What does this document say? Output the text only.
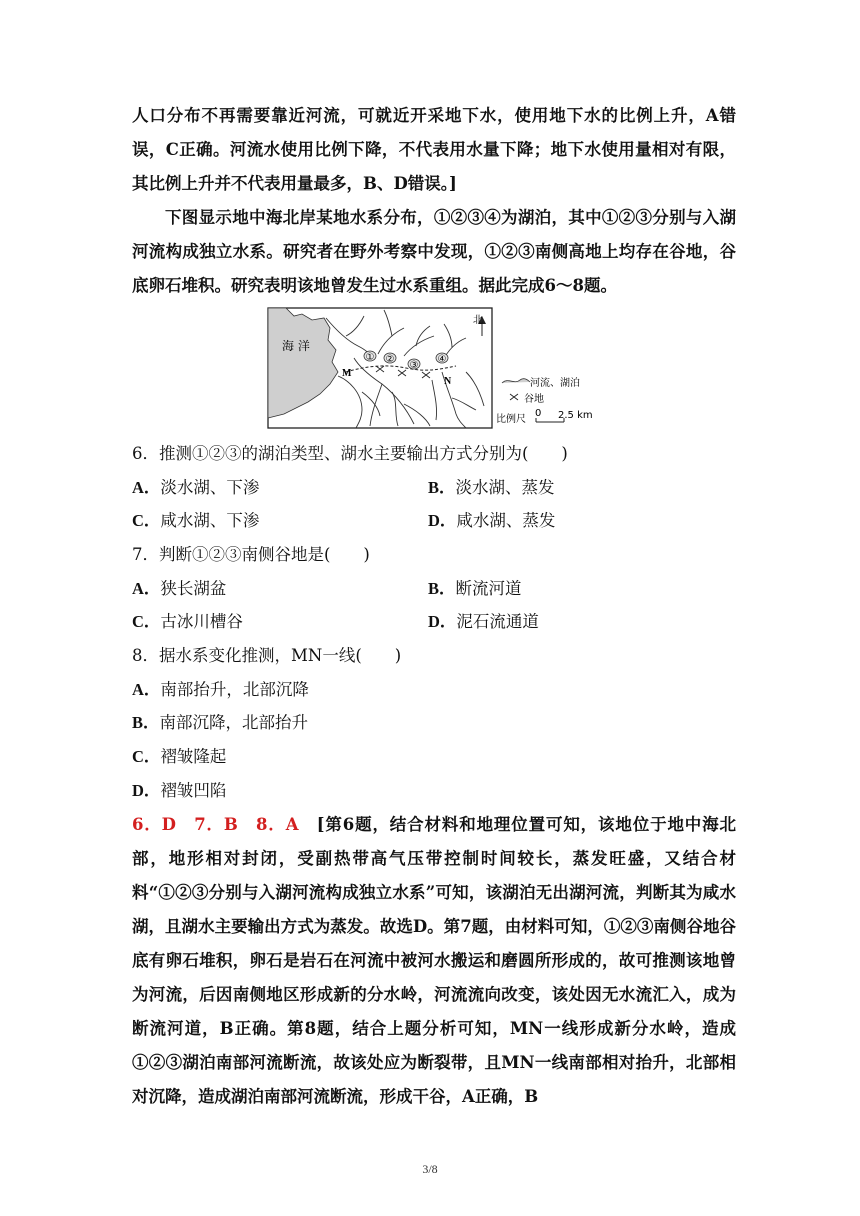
人口分布不再需要靠近河流，可就近开采地下水，使用地下水的比例上升，A错误，C正确。河流水使用比例下降，不代表用水量下降；地下水使用量相对有限，其比例上升并不代表用量最多，B、D错误。]
下图显示地中海北岸某地水系分布，①②③④为湖泊，其中①②③分别与入湖河流构成独立水系。研究者在野外考察中发现，①②③南侧高地上均存在谷地，谷底卵石堆积。研究表明该地曾发生过水系重组。据此完成6～8题。
海 洋
北
① ②
③
④
M
N	河流、湖泊
谷地
比例尺
0 2.5 km
6．推测①②③的湖泊类型、湖水主要输出方式分别为(　　)
A．淡水湖、下渗	B．淡水湖、蒸发
C．咸水湖、下渗	D．咸水湖、蒸发
7．判断①②③南侧谷地是(　　)
A．狭长湖盆	B．断流河道
C．古冰川槽谷	D．泥石流通道
8．据水系变化推测，MN一线(　　)
A．南部抬升，北部沉降
B．南部沉降，北部抬升
C．褶皱隆起
D．褶皱凹陷
6．D　7．B　8．A　 [第6题，结合材料和地理位置可知，该地位于地中海北部，地形相对封闭，受副热带高气压带控制时间较长，蒸发旺盛，又结合材料“①②③分别与入湖河流构成独立水系”可知，该湖泊无出湖河流，判断其为咸水湖，且湖水主要输出方式为蒸发。故选D。第7题，由材料可知，①②③南侧谷地谷底有卵石堆积，卵石是岩石在河流中被河水搬运和磨圆所形成的，故可推测该地曾为河流，后因南侧地区形成新的分水岭，河流流向改变，该处因无水流汇入，成为断流河道，B正确。第8题，结合上题分析可知，MN一线形成新分水岭，造成①②③湖泊南部河流断流，故该处应为断裂带，且MN一线南部相对抬升，北部相对沉降，造成湖泊南部河流断流，形成干谷，A正确，B
3/8
